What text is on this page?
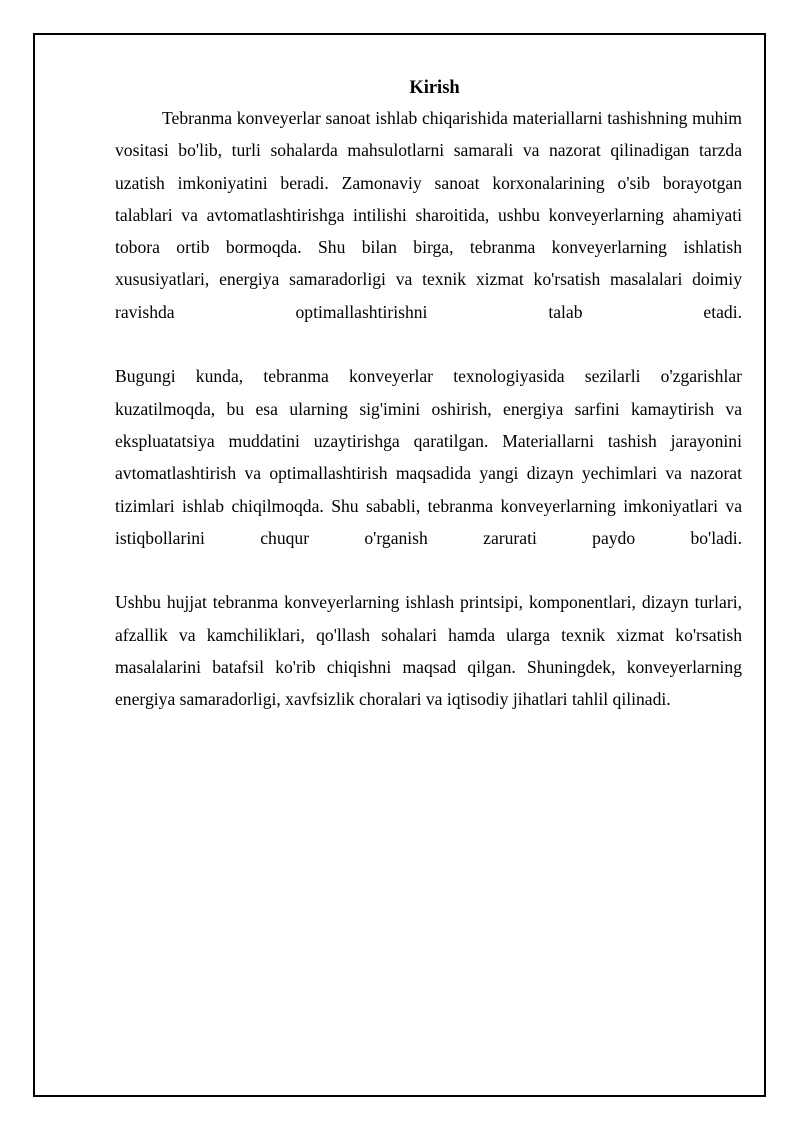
Kirish

Tebranma konveyerlar sanoat ishlab chiqarishida materiallarni tashishning muhim vositasi bo'lib, turli sohalarda mahsulotlarni samarali va nazorat qilinadigan tarzda uzatish imkoniyatini beradi. Zamonaviy sanoat korxonalarining o'sib borayotgan talablari va avtomatlashtirishga intilishi sharoitida, ushbu konveyerlarning ahamiyati tobora ortib bormoqda. Shu bilan birga, tebranma konveyerlarning ishlatish xususiyatlari, energiya samaradorligi va texnik xizmat ko'rsatish masalalari doimiy ravishda optimallashtirishni talab etadi.

Bugungi kunda, tebranma konveyerlar texnologiyasida sezilarli o'zgarishlar kuzatilmoqda, bu esa ularning sig'imini oshirish, energiya sarfini kamaytirish va ekspluatatsiya muddatini uzaytirishga qaratilgan. Materiallarni tashish jarayonini avtomatlashtirish va optimallashtirish maqsadida yangi dizayn yechimlari va nazorat tizimlari ishlab chiqilmoqda. Shu sababli, tebranma konveyerlarning imkoniyatlari va istiqbollarini chuqur o'rganish zarurati paydo bo'ladi.

Ushbu hujjat tebranma konveyerlarning ishlash printsipi, komponentlari, dizayn turlari, afzallik va kamchiliklari, qo'llash sohalari hamda ularga texnik xizmat ko'rsatish masalalarini batafsil ko'rib chiqishni maqsad qilgan. Shuningdek, konveyerlarning energiya samaradorligi, xavfsizlik choralari va iqtisodiy jihatlari tahlil qilinadi.
